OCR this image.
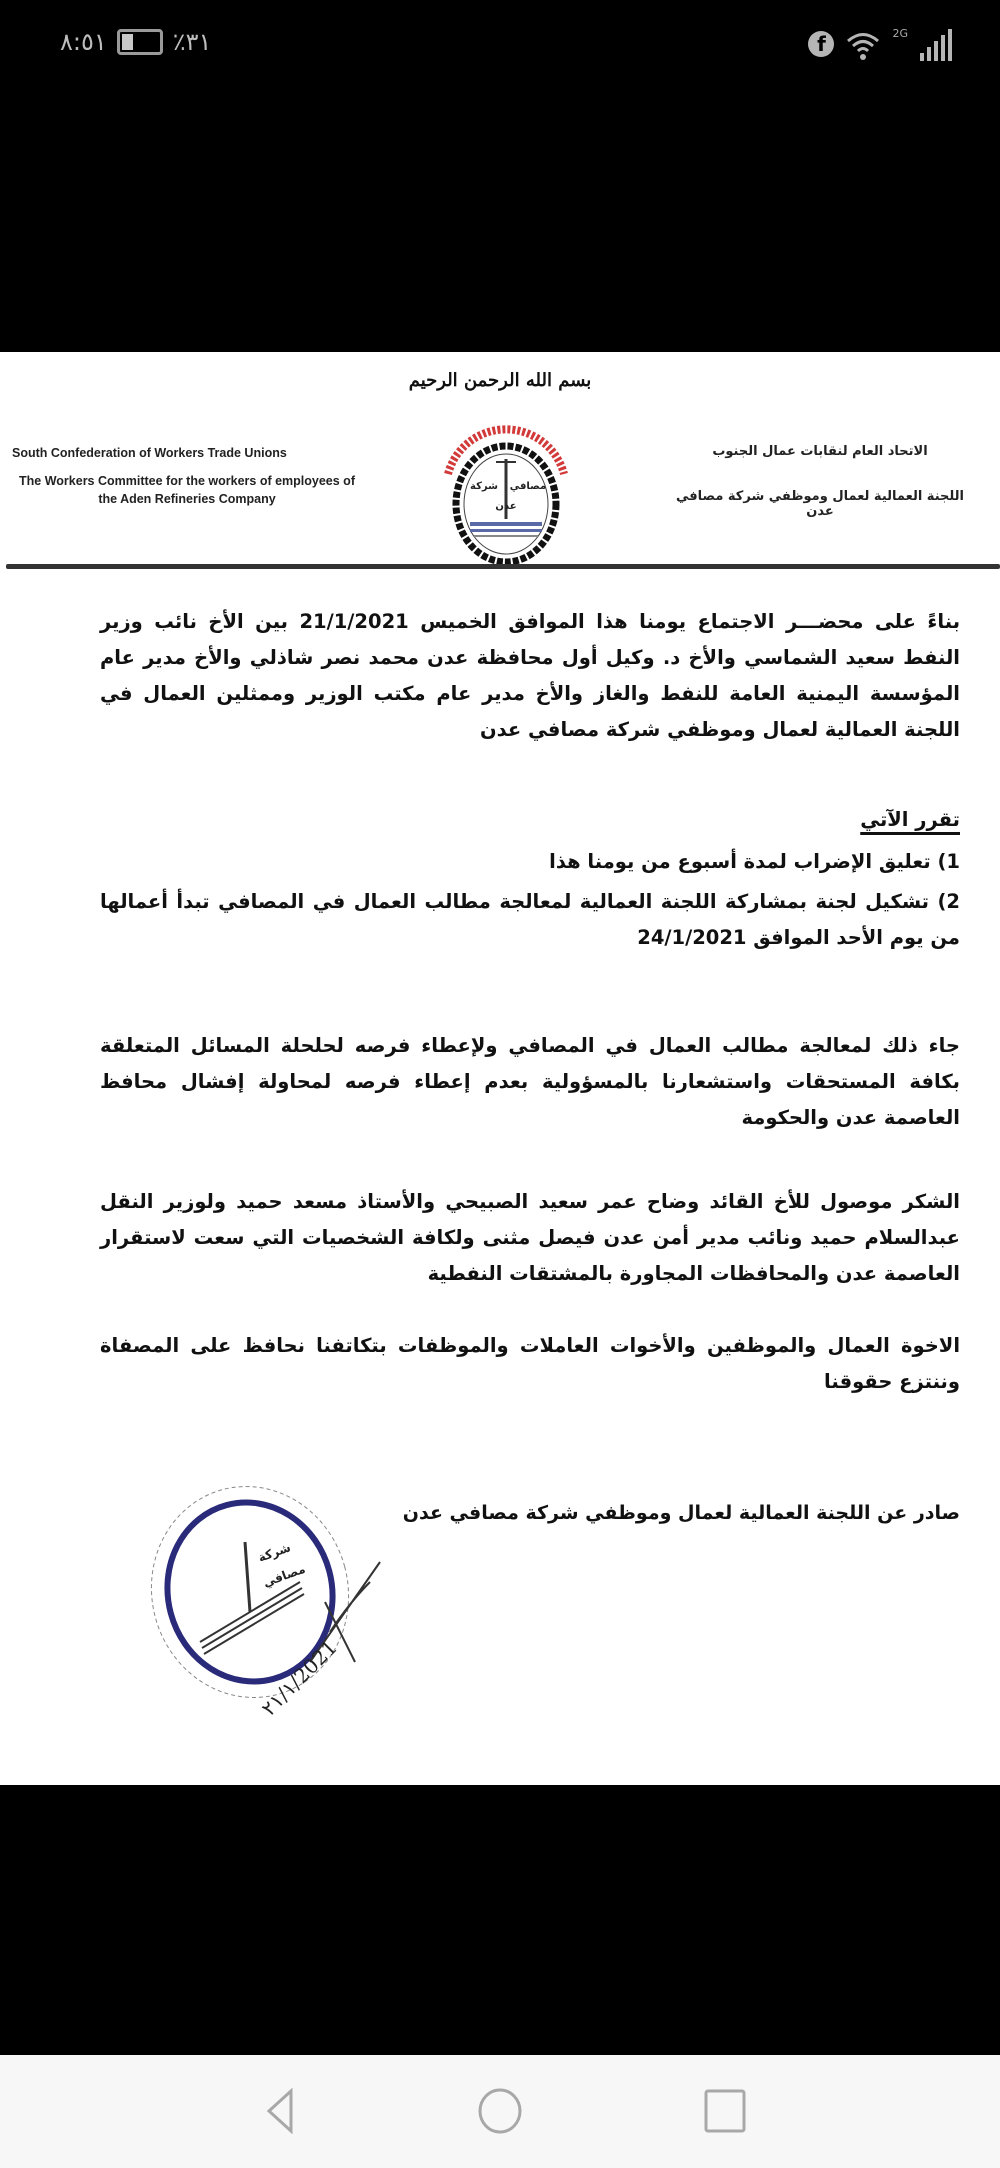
٨:٥١	٪٣١	f	2G
بسم الله الرحمن الرحيم
South Confederation of Workers Trade Unions
The Workers Committee for the workers of employees of the Aden Refineries Company
شركة مصافي
عدن
الاتحاد العام لنقابات عمال الجنوب
اللجنة العمالية لعمال وموظفي شركة مصافي عدن

بناءً على محضـــر الاجتماع يومنا هذا الموافق الخميس 21/1/2021 بين الأخ نائب وزير النفط سعيد الشماسي والأخ د. وكيل أول محافظة عدن محمد نصر شاذلي والأخ مدير عام المؤسسة اليمنية العامة للنفط والغاز والأخ مدير عام مكتب الوزير وممثلين العمال في اللجنة العمالية لعمال وموظفي شركة مصافي عدن

تقرر الآتي
1) تعليق الإضراب لمدة أسبوع من يومنا هذا
2) تشكيل لجنة بمشاركة اللجنة العمالية لمعالجة مطالب العمال في المصافي تبدأ أعمالها من يوم الأحد الموافق 24/1/2021

جاء ذلك لمعالجة مطالب العمال في المصافي ولإعطاء فرصه لحلحلة المسائل المتعلقة بكافة المستحقات واستشعارنا بالمسؤولية بعدم إعطاء فرصه لمحاولة إفشال محافظ العاصمة عدن والحكومة

الشكر موصول للأخ القائد وضاح عمر سعيد الصبيحي والأستاذ مسعد حميد ولوزير النقل عبدالسلام حميد ونائب مدير أمن عدن فيصل مثنى ولكافة الشخصيات التي سعت لاستقرار العاصمة عدن والمحافظات المجاورة بالمشتقات النفطية

الاخوة العمال والموظفين والأخوات العاملات والموظفات بتكاتفنا نحافظ على المصفاة وننتزع حقوقنا

صادر عن اللجنة العمالية لعمال وموظفي شركة مصافي عدن
شركة
مصافي
٢١/١/2021
